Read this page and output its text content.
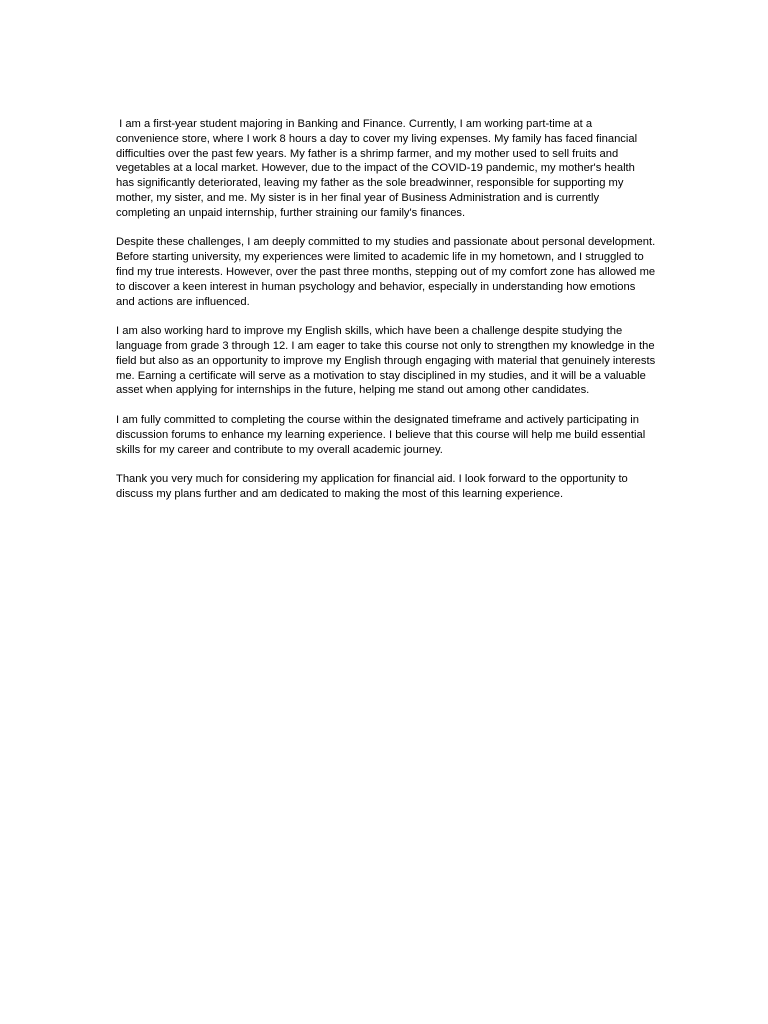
I am a first-year student majoring in Banking and Finance. Currently, I am working part-time at a convenience store, where I work 8 hours a day to cover my living expenses. My family has faced financial difficulties over the past few years. My father is a shrimp farmer, and my mother used to sell fruits and vegetables at a local market. However, due to the impact of the COVID-19 pandemic, my mother's health has significantly deteriorated, leaving my father as the sole breadwinner, responsible for supporting my mother, my sister, and me. My sister is in her final year of Business Administration and is currently completing an unpaid internship, further straining our family's finances.

Despite these challenges, I am deeply committed to my studies and passionate about personal development. Before starting university, my experiences were limited to academic life in my hometown, and I struggled to find my true interests. However, over the past three months, stepping out of my comfort zone has allowed me to discover a keen interest in human psychology and behavior, especially in understanding how emotions and actions are influenced.

I am also working hard to improve my English skills, which have been a challenge despite studying the language from grade 3 through 12. I am eager to take this course not only to strengthen my knowledge in the field but also as an opportunity to improve my English through engaging with material that genuinely interests me. Earning a certificate will serve as a motivation to stay disciplined in my studies, and it will be a valuable asset when applying for internships in the future, helping me stand out among other candidates.

I am fully committed to completing the course within the designated timeframe and actively participating in discussion forums to enhance my learning experience. I believe that this course will help me build essential skills for my career and contribute to my overall academic journey.

Thank you very much for considering my application for financial aid. I look forward to the opportunity to discuss my plans further and am dedicated to making the most of this learning experience.
